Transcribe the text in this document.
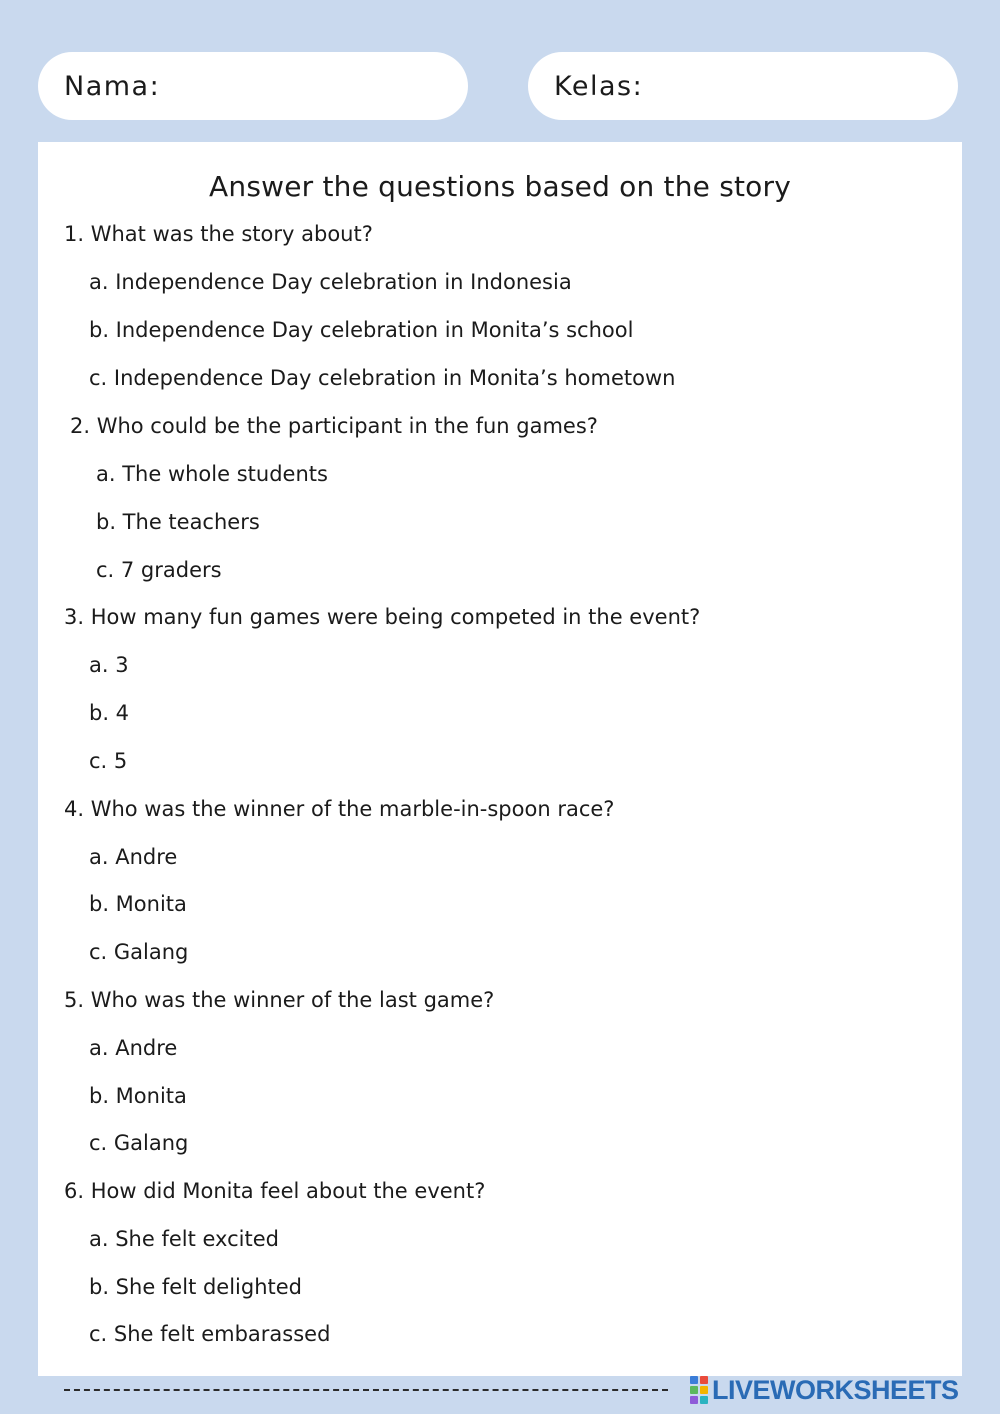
Nama:	Kelas:
Answer the questions based on the story
1. What was the story about?
a. Independence Day celebration in Indonesia
b. Independence Day celebration in Monita’s school
c. Independence Day celebration in Monita’s hometown
2. Who could be the participant in the fun games?
a. The whole students
b. The teachers
c. 7 graders
3. How many fun games were being competed in the event?
a. 3
b. 4
c. 5
4. Who was the winner of the marble-in-spoon race?
a. Andre
b. Monita
c. Galang
5. Who was the winner of the last game?
a. Andre
b. Monita
c. Galang
6. How did Monita feel about the event?
a. She felt excited
b. She felt delighted
c. She felt embarassed
LIVEWORKSHEETS
